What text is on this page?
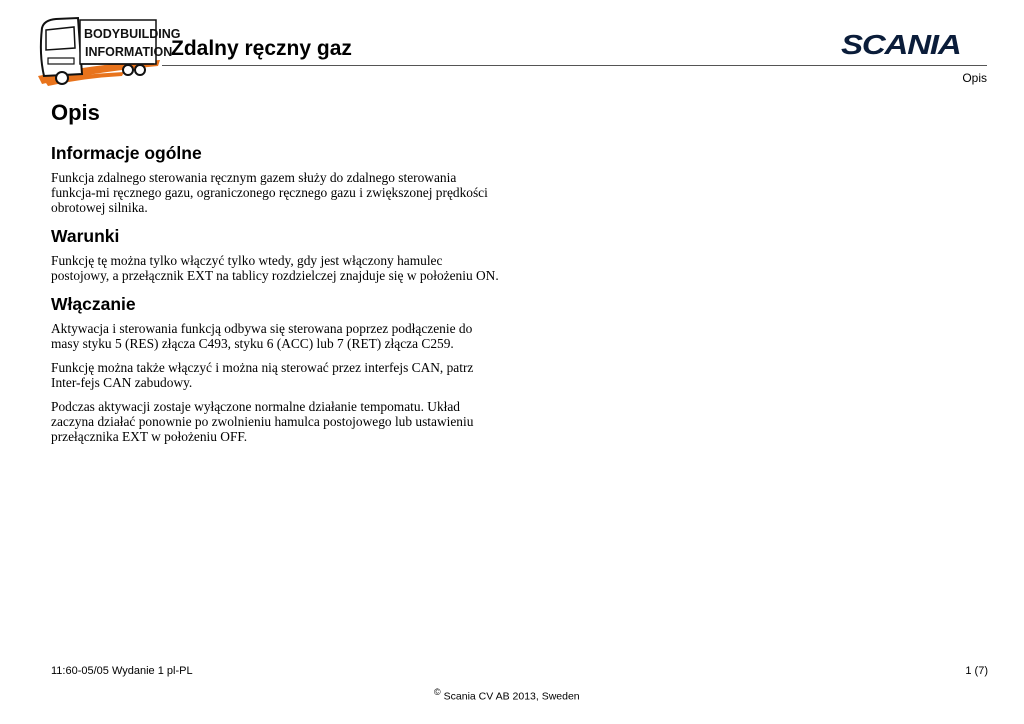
BODYBUILDING
INFORMATION
Zdalny ręczny gaz	SCANIA
Opis
Opis
Informacje ogólne

Funkcja zdalnego sterowania ręcznym gazem służy do zdalnego sterowania funkcja-mi ręcznego gazu, ograniczonego ręcznego gazu i zwiększonej prędkości obrotowej silnika.

Warunki

Funkcję tę można tylko włączyć tylko wtedy, gdy jest włączony hamulec postojowy, a przełącznik EXT na tablicy rozdzielczej znajduje się w położeniu ON.

Włączanie

Aktywacja i sterowania funkcją odbywa się sterowana poprzez podłączenie do masy styku 5 (RES) złącza C493, styku 6 (ACC) lub 7 (RET) złącza C259.

Funkcję można także włączyć i można nią sterować przez interfejs CAN, patrz Inter-fejs CAN zabudowy.

Podczas aktywacji zostaje wyłączone normalne działanie tempomatu. Układ zaczyna działać ponownie po zwolnieniu hamulca postojowego lub ustawieniu przełącznika EXT w położeniu OFF.

11:60-05/05 Wydanie 1 pl-PL	1 (7)
© Scania CV AB 2013, Sweden
